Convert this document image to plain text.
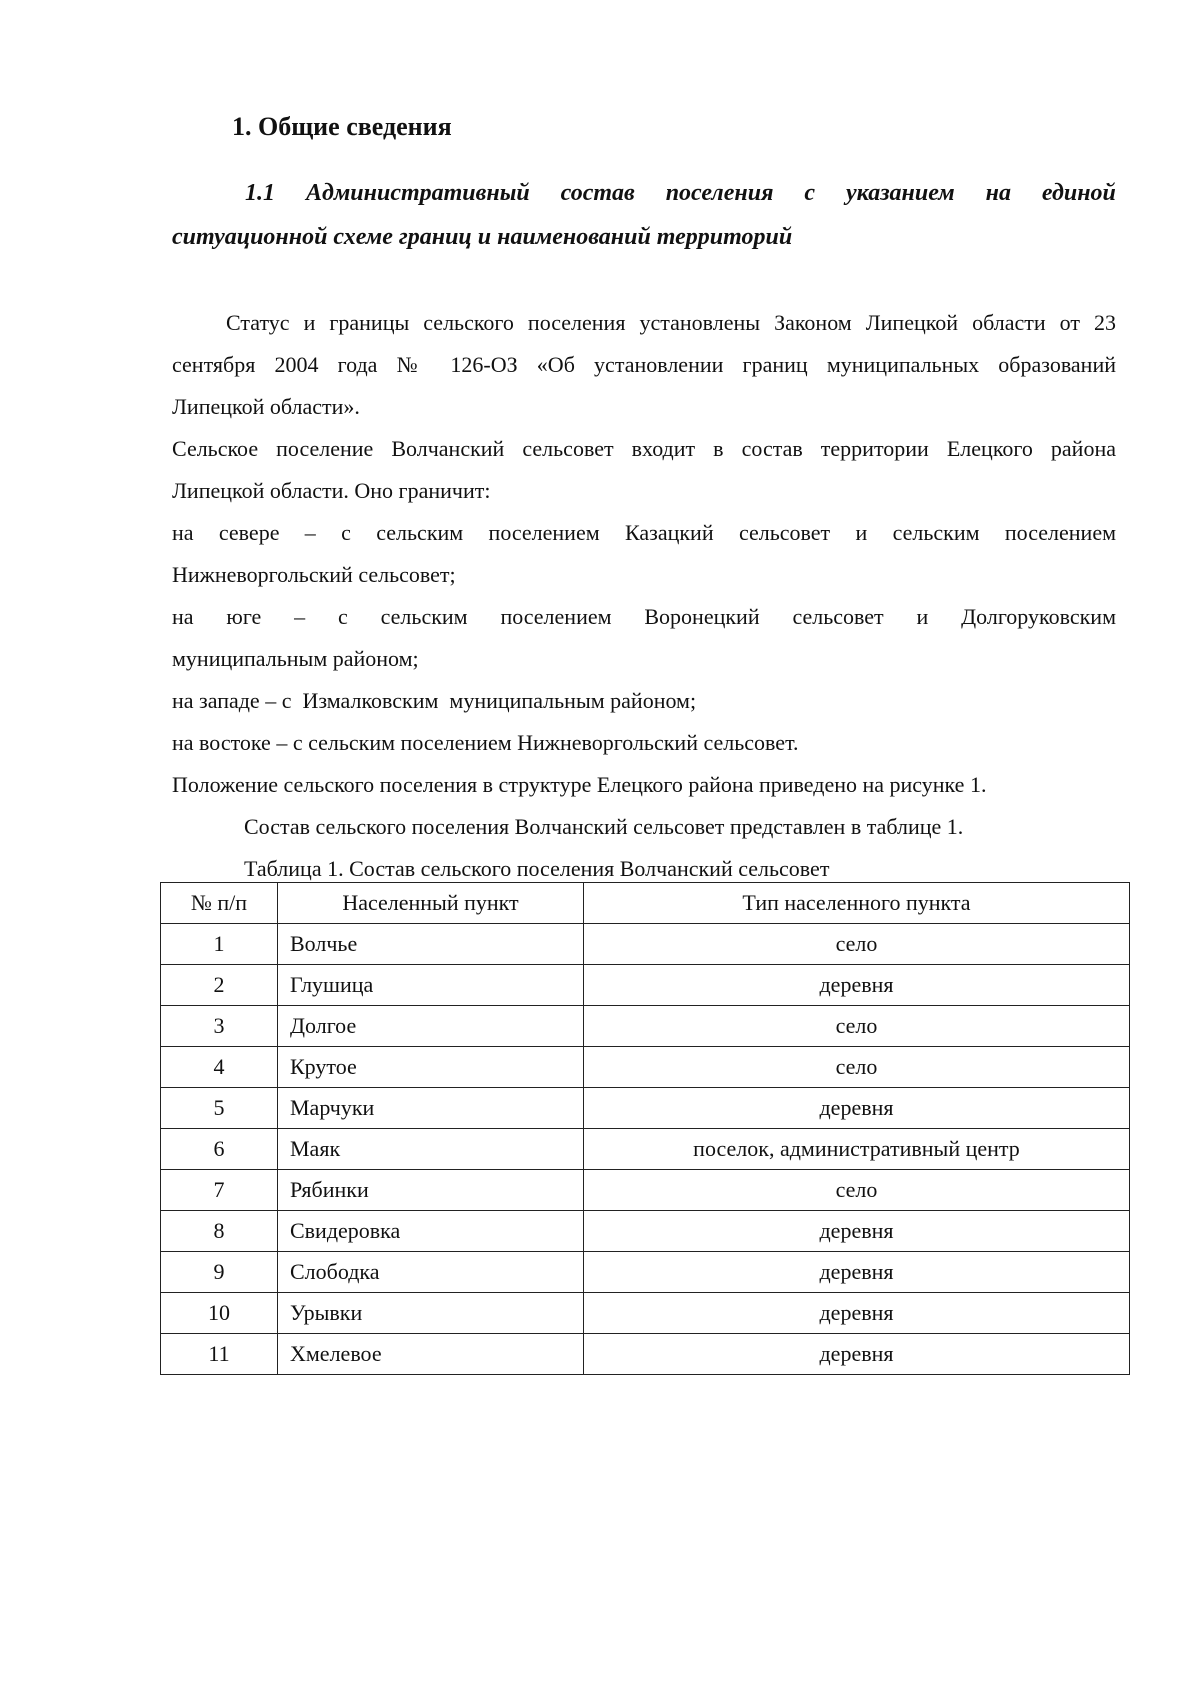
1. Общие сведения
1.1 Административный состав поселения с указанием на единой
ситуационной схеме границ и наименований территорий
Статус и границы сельского поселения установлены Законом Липецкой области от 23
сентября 2004 года № 126-ОЗ «Об установлении границ муниципальных образований
Липецкой области».
Сельское поселение Волчанский сельсовет входит в состав территории Елецкого района
Липецкой области. Оно граничит:
на севере – с сельским поселением Казацкий сельсовет и сельским поселением
Нижневоргольский сельсовет;
на юге – с сельским поселением Воронецкий сельсовет и Долгоруковским
муниципальным районом;
на западе – с  Измалковским  муниципальным районом;
на востоке – с сельским поселением Нижневоргольский сельсовет.
Положение сельского поселения в структуре Елецкого района приведено на рисунке 1.
Состав сельского поселения Волчанский сельсовет представлен в таблице 1.
Таблица 1. Состав сельского поселения Волчанский сельсовет
№ п/п	Населенный пункт	Тип населенного пункта
1	Волчье	село
2	Глушица	деревня
3	Долгое	село
4	Крутое	село
5	Марчуки	деревня
6	Маяк	поселок, административный центр
7	Рябинки	село
8	Свидеровка	деревня
9	Слободка	деревня
10	Урывки	деревня
11	Хмелевое	деревня
